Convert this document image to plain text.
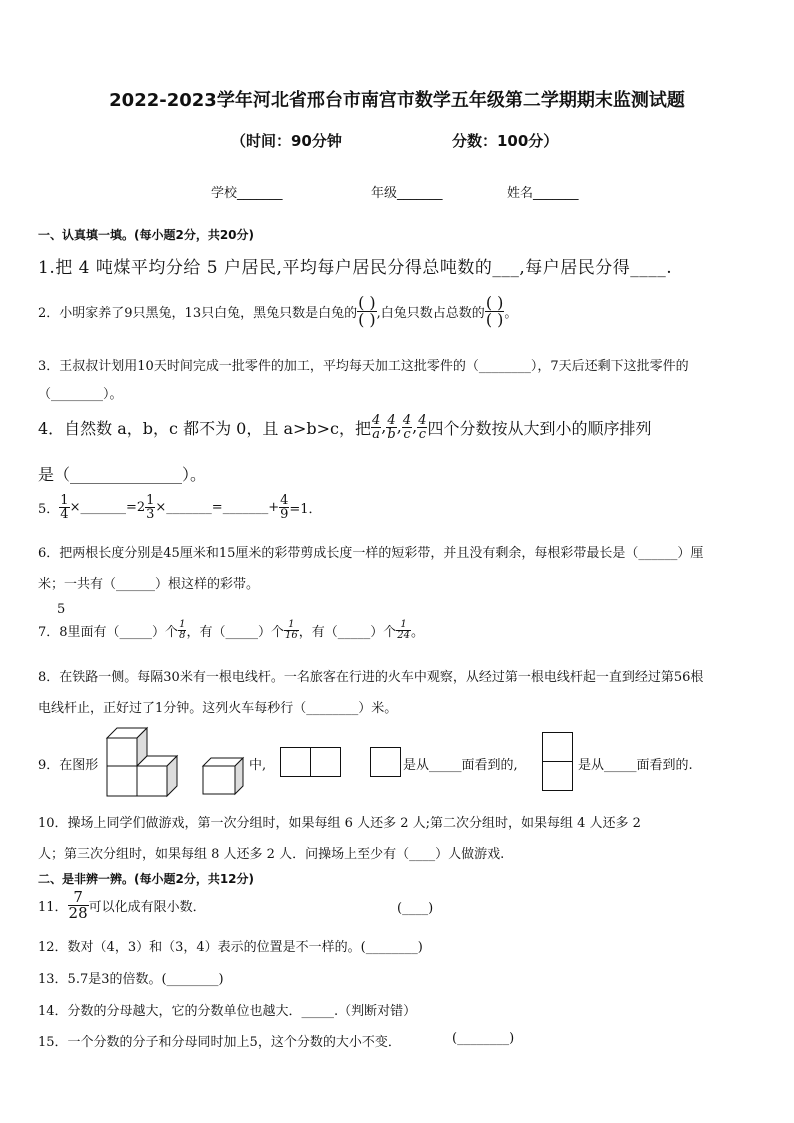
2022-2023学年河北省邢台市南宫市数学五年级第二学期期末监测试题
（时间：90分钟	分数：100分）
学校_______	年级_______	姓名_______
一、认真填一填。(每小题2分，共20分)
1.把 4 吨煤平均分给 5 户居民,平均每户居民分得总吨数的___,每户居民分得____.
2．小明家养了9只黑兔，13只白兔，黑兔只数是白兔的 $\frac{( )}{( )}$ ,白兔只数占总数的 $\frac{( )}{( )}$ 。
3．王叔叔计划用10天时间完成一批零件的加工，平均每天加工这批零件的（________），7天后还剩下这批零件的
（________）。
4．自然数 a，b，c 都不为 0，且 a>b>c，把 $\frac{4}{a}$ , $\frac{4}{b}$ , $\frac{4}{c}$ , $\frac{4}{c}$ 四个分数按从大到小的顺序排列
是（______________）。
5． $\frac{1}{4}$ ×_______=2 $\frac{1}{3}$ ×_______=_______+ $\frac{4}{9} =1$．
6．把两根长度分别是45厘米和15厘米的彩带剪成长度一样的短彩带，并且没有剩余，每根彩带最长是（______）厘
米；一共有（______）根这样的彩带。
5
7．8里面有（_____）个 $\frac{1}{8}$ ，有（_____）个 $\frac{1}{16}$ ，有（_____）个 $\frac{1}{24}$ 。
8．在铁路一侧。每隔30米有一根电线杆。一名旅客在行进的火车中观察，从经过第一根电线杆起一直到经过第56根
电线杆止，正好过了1分钟。这列火车每秒行（________）米。
9．在图形	中,	是从_____面看到的,	是从_____面看到的.
10．操场上同学们做游戏，第一次分组时，如果每组 6 人还多 2 人;第二次分组时，如果每组 4 人还多 2
人；第三次分组时，如果每组 8 人还多 2 人．问操场上至少有（____）人做游戏.
二、是非辨一辨。(每小题2分，共12分)
11． $\frac{7}{28}$ 可以化成有限小数．	(____)
12．数对（4，3）和（3，4）表示的位置是不一样的。(________)
13．5.7是3的倍数。(________)
14．分数的分母越大，它的分数单位也越大．_____.（判断对错）
15．一个分数的分子和分母同时加上5，这个分数的大小不变．	(________)
